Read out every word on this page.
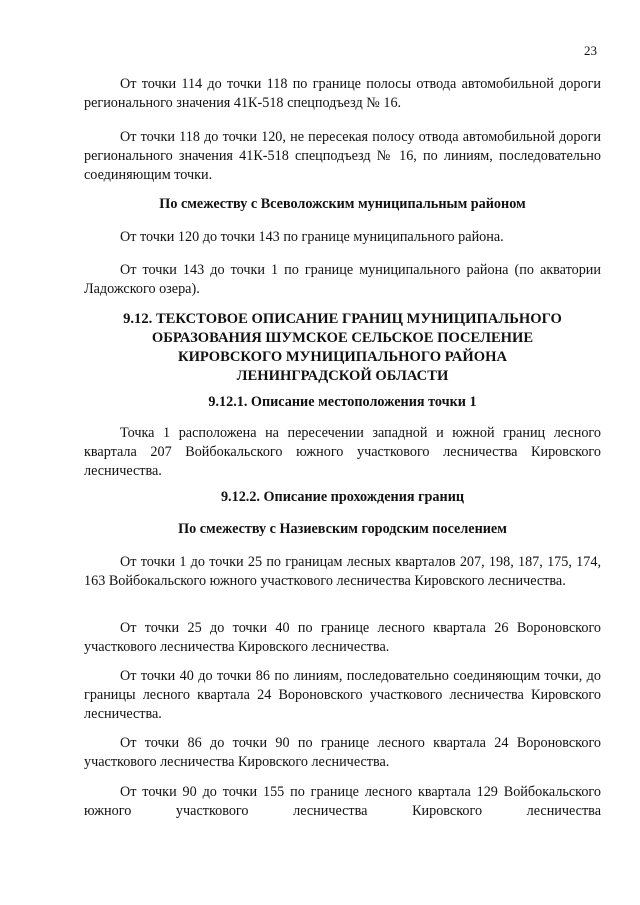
23

От точки 114 до точки 118 по границе полосы отвода автомобильной дороги регионального значения 41К-518 спецподъезд № 16.

От точки 118 до точки 120, не пересекая полосу отвода автомобильной дороги регионального значения 41К-518 спецподъезд № 16, по линиям, последовательно соединяющим точки.

По смежеству с Всеволожским муниципальным районом

От точки 120 до точки 143 по границе муниципального района.

От точки 143 до точки 1 по границе муниципального района (по акватории Ладожского озера).

9.12. ТЕКСТОВОЕ ОПИСАНИЕ ГРАНИЦ МУНИЦИПАЛЬНОГО
ОБРАЗОВАНИЯ ШУМСКОЕ СЕЛЬСКОЕ ПОСЕЛЕНИЕ
КИРОВСКОГО МУНИЦИПАЛЬНОГО РАЙОНА
ЛЕНИНГРАДСКОЙ ОБЛАСТИ

9.12.1. Описание местоположения точки 1

Точка 1 расположена на пересечении западной и южной границ лесного квартала 207 Войбокальского южного участкового лесничества Кировского лесничества.

9.12.2. Описание прохождения границ

По смежеству с Назиевским городским поселением

От точки 1 до точки 25 по границам лесных кварталов 207, 198, 187, 175, 174, 163 Войбокальского южного участкового лесничества Кировского лесничества.

От точки 25 до точки 40 по границе лесного квартала 26 Вороновского участкового лесничества Кировского лесничества.

От точки 40 до точки 86 по линиям, последовательно соединяющим точки, до границы лесного квартала 24 Вороновского участкового лесничества Кировского лесничества.

От точки 86 до точки 90 по границе лесного квартала 24 Вороновского участкового лесничества Кировского лесничества.

От точки 90 до точки 155 по границе лесного квартала 129 Войбокальского южного участкового лесничества Кировского лесничества
